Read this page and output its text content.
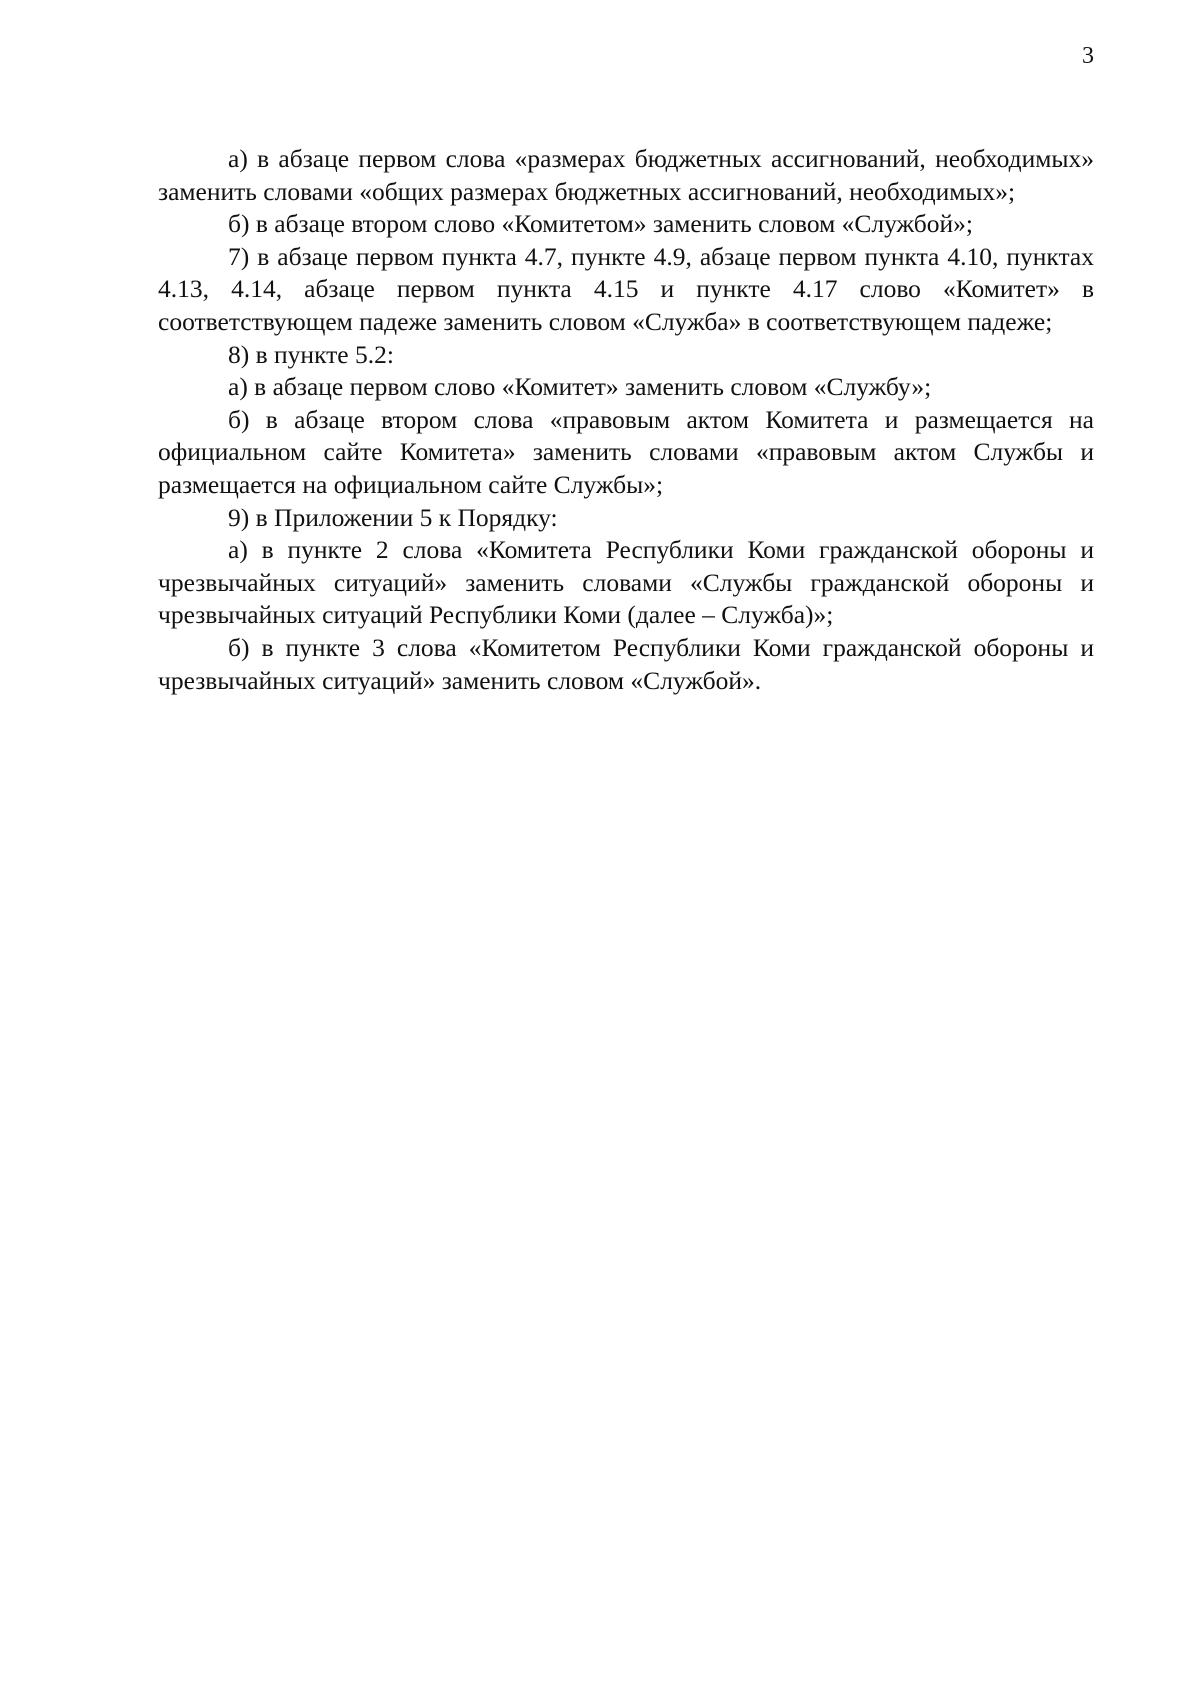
3

а) в абзаце первом слова «размерах бюджетных ассигнований, необходимых» заменить словами «общих размерах бюджетных ассигнований, необходимых»;

б) в абзаце втором слово «Комитетом» заменить словом «Службой»;

7) в абзаце первом пункта 4.7, пункте 4.9, абзаце первом пункта 4.10, пунктах 4.13, 4.14, абзаце первом пункта 4.15 и пункте 4.17 слово «Комитет» в соответствующем падеже заменить словом «Служба» в соответствующем падеже;

8) в пункте 5.2:

а) в абзаце первом слово «Комитет» заменить словом «Службу»;

б) в абзаце втором слова «правовым актом Комитета и размещается на официальном сайте Комитета» заменить словами «правовым актом Службы и размещается на официальном сайте Службы»;

9) в Приложении 5 к Порядку:

а) в пункте 2 слова «Комитета Республики Коми гражданской обороны и чрезвычайных ситуаций» заменить словами «Службы гражданской обороны и чрезвычайных ситуаций Республики Коми (далее – Служба)»;

б) в пункте 3 слова «Комитетом Республики Коми гражданской обороны и чрезвычайных ситуаций» заменить словом «Службой».
